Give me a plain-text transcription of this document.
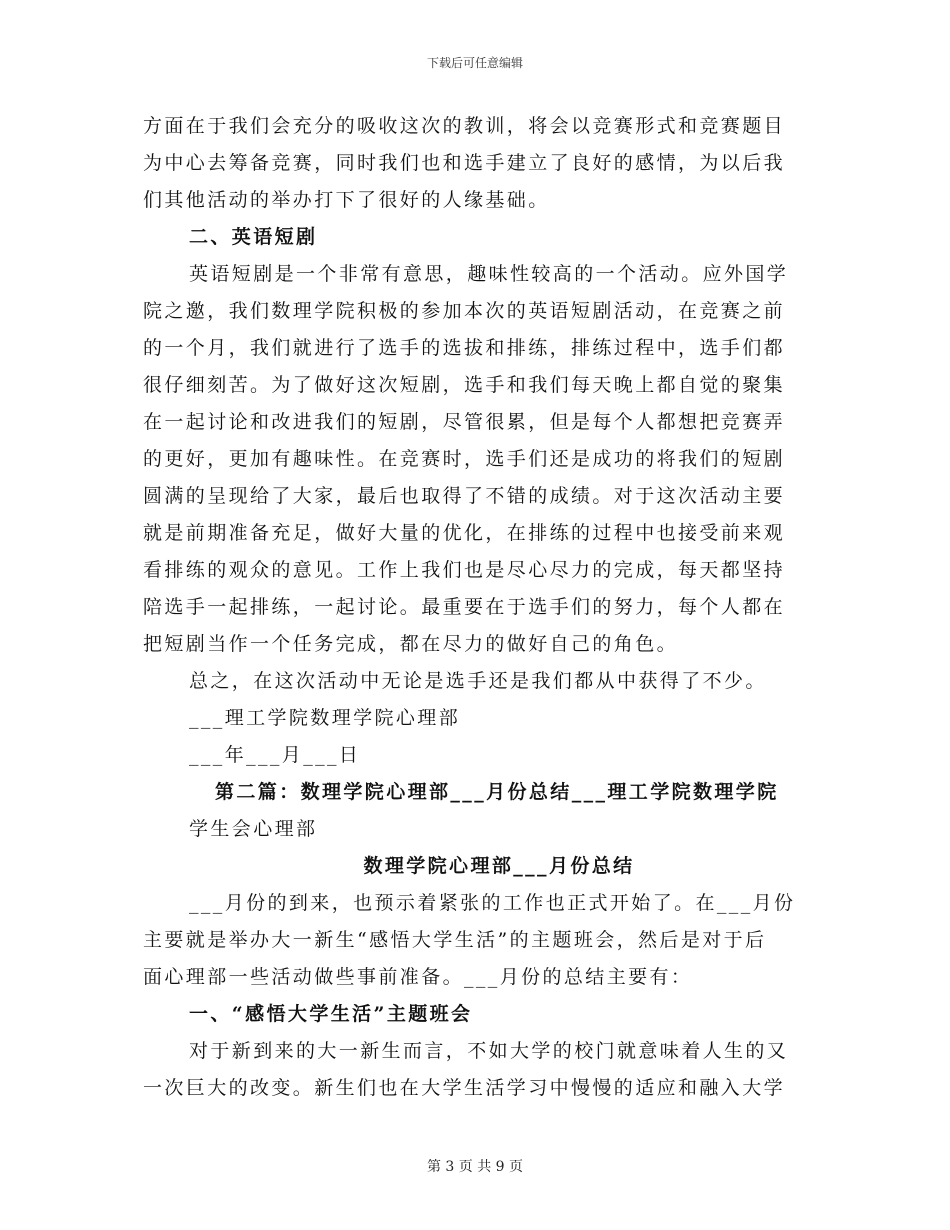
下载后可任意编辑
方面在于我们会充分的吸收这次的教训，将会以竞赛形式和竞赛题目
为中心去筹备竞赛，同时我们也和选手建立了良好的感情，为以后我
们其他活动的举办打下了很好的人缘基础。
二、英语短剧
英语短剧是一个非常有意思，趣味性较高的一个活动。应外国学
院之邀，我们数理学院积极的参加本次的英语短剧活动，在竞赛之前
的一个月，我们就进行了选手的选拔和排练，排练过程中，选手们都
很仔细刻苦。为了做好这次短剧，选手和我们每天晚上都自觉的聚集
在一起讨论和改进我们的短剧，尽管很累，但是每个人都想把竞赛弄
的更好，更加有趣味性。在竞赛时，选手们还是成功的将我们的短剧
圆满的呈现给了大家，最后也取得了不错的成绩。对于这次活动主要
就是前期准备充足，做好大量的优化，在排练的过程中也接受前来观
看排练的观众的意见。工作上我们也是尽心尽力的完成，每天都坚持
陪选手一起排练，一起讨论。最重要在于选手们的努力，每个人都在
把短剧当作一个任务完成，都在尽力的做好自己的角色。
总之，在这次活动中无论是选手还是我们都从中获得了不少。
___理工学院数理学院心理部
___年___月___日
第二篇：数理学院心理部___月份总结___理工学院数理学院
学生会心理部
数理学院心理部___月份总结
___月份的到来，也预示着紧张的工作也正式开始了。在___月份
主要就是举办大一新生“感悟大学生活”的主题班会，然后是对于后
面心理部一些活动做些事前准备。___月份的总结主要有：
一、“感悟大学生活”主题班会
对于新到来的大一新生而言，不如大学的校门就意味着人生的又
一次巨大的改变。新生们也在大学生活学习中慢慢的适应和融入大学
第 3 页 共 9 页
